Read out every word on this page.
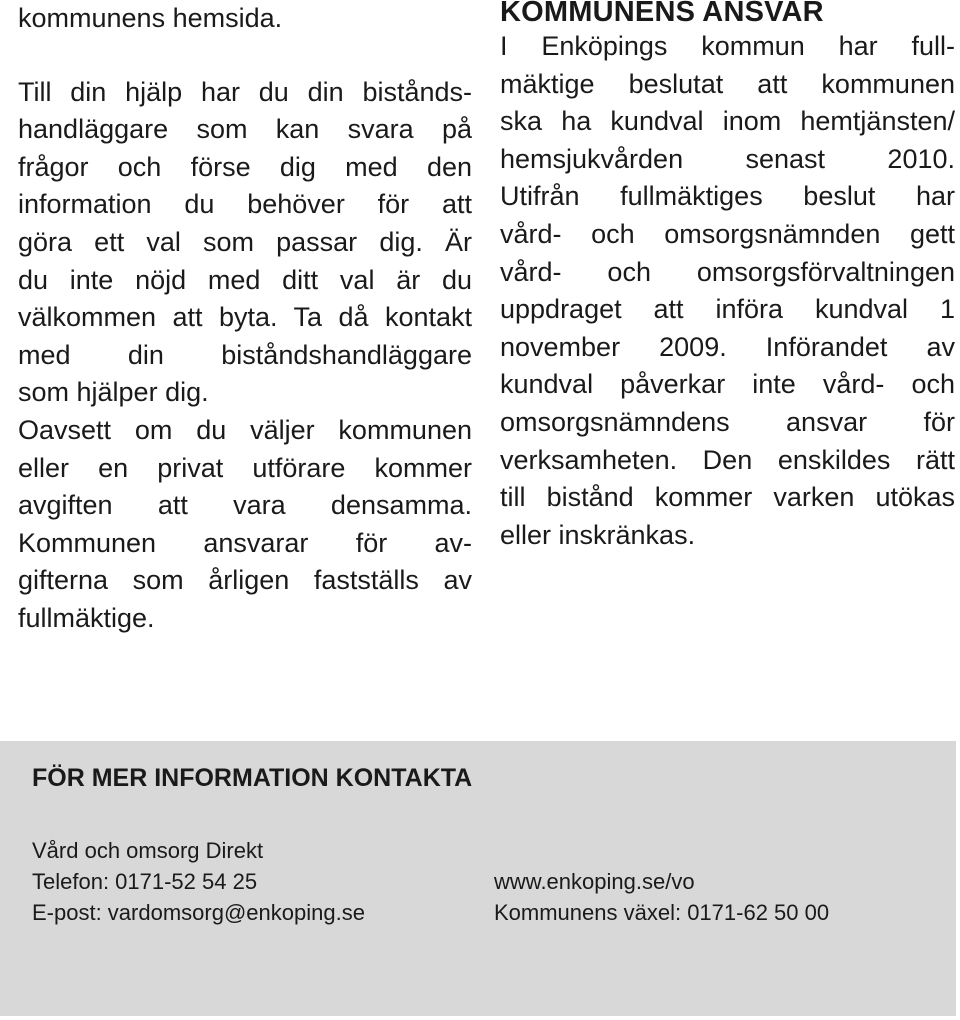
kommunens hemsida.
Till din hjälp har du din bistånds-
handläggare som kan svara på
frågor och förse dig med den
information du behöver för att
göra ett val som passar dig. Är
du inte nöjd med ditt val är du
välkommen att byta. Ta då kontakt
med din biståndshandläggare
som hjälper dig.
Oavsett om du väljer kommunen
eller en privat utförare kommer
avgiften att vara densamma.
Kommunen ansvarar för av-
gifterna som årligen fastställs av
fullmäktige.
KOMMUNENS ANSVAR
I Enköpings kommun har full-
mäktige beslutat att kommunen
ska ha kundval inom hemtjänsten/
hemsjukvården senast 2010.
Utifrån fullmäktiges beslut har
vård- och omsorgsnämnden gett
vård- och omsorgsförvaltningen
uppdraget att införa kundval 1
november 2009. Införandet av
kundval påverkar inte vård- och
omsorgsnämndens ansvar för
verksamheten. Den enskildes rätt
till bistånd kommer varken utökas
eller inskränkas.
FÖR MER INFORMATION KONTAKTA
Vård och omsorg Direkt
Telefon: 0171-52 54 25
E-post: vardomsorg@enkoping.se
www.enkoping.se/vo
Kommunens växel: 0171-62 50 00
